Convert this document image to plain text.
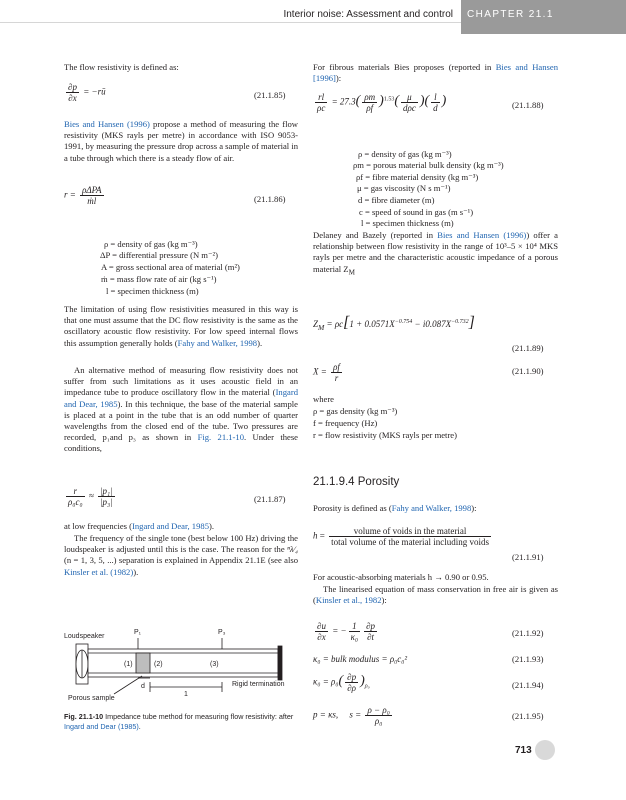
Interior noise: Assessment and control CHAPTER 21.1
The flow resistivity is defined as:
$\frac{\partial p}{\partial x}$ = −rū	(21.1.85)
Bies and Hansen (1996) propose a method of measuring the flow resistivity (MKS rayls per metre) in accordance with ISO 9053-1991, by measuring the pressure drop across a sample of material in a tube through which there is a steady flow of air.
$r = \frac{\text{ρΔPA}}{\text{ṁl}}$	(21.1.86)
ρ = density of gas (kg m⁻³)
ΔP = differential pressure (N m⁻²)
A = gross sectional area of material (m²)
ṁ = mass flow rate of air (kg s⁻¹)
l = specimen thickness (m)
The limitation of using flow resistivities measured in this way is that one must assume that the DC flow resistivity is the same as the oscillatory acoustic flow resistivity. For low speed internal flows this assumption generally holds (Fahy and Walker, 1998).
An alternative method of measuring flow resistivity does not suffer from such limitations as it uses acoustic field in an impedance tube to produce oscillatory flow in the material (Ingard and Dear, 1985). In this technique, the base of the material sample is placed at a point in the tube that is an odd number of quarter wavelengths from the closed end of the tube. Two pressures are recorded, p₁and p₃ as shown in Fig. 21.1-10. Under these conditions,
$\frac{r}{\text{ρ₀c₀}} \approx \frac{\text{|p₁|}}{\text{|p₃|}}$	(21.1.87)
at low frequencies (Ingard and Dear, 1985).
The frequency of the single tone (best below 100 Hz) driving the loudspeaker is adjusted until this is the case. The reason for the ⁿλ⁄₄ (n = 1, 3, 5, ...) separation is explained in Appendix 21.1E (see also Kinsler et al. (1982)).
Loudspeaker
P₁	P₃
(1)	(2)	(3)
d
1
Rigid termination
Porous sample
Fig. 21.1-10 Impedance tube method for measuring flow resistivity: after Ingard and Dear (1985).
For fibrous materials Bies proposes (reported in Bies and Hansen [1996]):
$\frac{rl}{\rho c} = 27.3( \frac{\rho m}{\rho f} )^{1.53}( \frac{\mu}{\text{dρc}}$ )( $\frac{l}{d}$ )	(21.1.88)
ρ = density of gas (kg m⁻³)
ρm = porous material bulk density (kg m⁻³)
ρf = fibre material density (kg m⁻³)
μ = gas viscosity (N s m⁻¹)
d = fibre diameter (m)
c = speed of sound in gas (m s⁻¹)
l = specimen thickness (m)
Delaney and Bazely (reported in Bies and Hansen (1996)) offer a relationship between flow resistivity in the range of 10³–5 × 10⁴ MKS rayls per metre and the characteristic acoustic impedance of a porous material $Z_M$
$Z_M = \rho c[1 + 0.0571X^{-0.754} - i0.087X^{-0.732}]$
(21.1.89)
$X = \frac{\rho f}{r}$	(21.1.90)
where
ρ = gas density (kg m⁻³)
f = frequency (Hz)
r = flow resistivity (MKS rayls per metre)
21.1.9.4 Porosity
Porosity is defined as (Fahy and Walker, 1998):
$h = \frac{\text{volume of voids in the material}}{\text{total volume of the material including voids}}$
(21.1.91)
For acoustic-absorbing materials h → 0.90 or 0.95.
The linearised equation of mass conservation in free air is given as (Kinsler et al., 1982):
$\frac{\partial u}{\partial x}$ = − $\frac{1}{\text{κ₀}} \frac{\partial p}{\partial t}$	(21.1.92)
κ₀ = bulk modulus = ρ₀c₀²	(21.1.93)
$\kappa_0 = \rho_0( \frac{\partial p}{\partial\rho} )_{\rho_0}$	(21.1.94)
p = κs,     $s = \frac{\text{ρ − ρ₀}}{\text{ρ₀}}$	(21.1.95)
713
